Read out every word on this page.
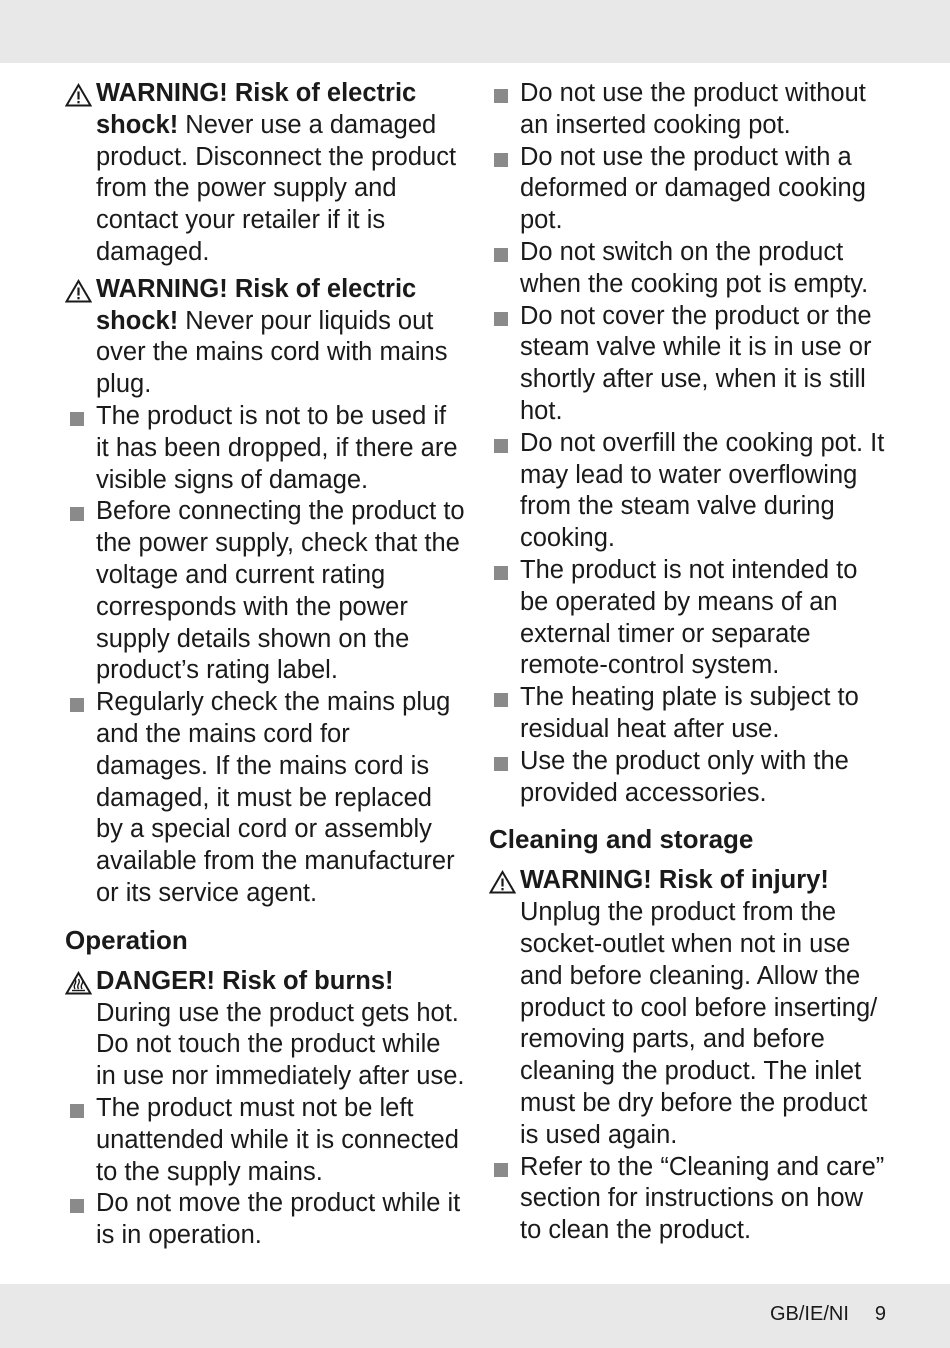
WARNING! Risk of electric shock! Never use a damaged product. Disconnect the product from the power supply and contact your retailer if it is damaged.
WARNING! Risk of electric shock! Never pour liquids out over the mains cord with mains plug.
The product is not to be used if it has been dropped, if there are visible signs of damage.
Before connecting the product to the power supply, check that the voltage and current rating corresponds with the power supply details shown on the product’s rating label.
Regularly check the mains plug and the mains cord for damages. If the mains cord is damaged, it must be replaced by a special cord or assembly available from the manufacturer or its service agent.
Operation
DANGER! Risk of burns!
During use the product gets hot. Do not touch the product while in use nor immediately after use.
The product must not be left unattended while it is connected to the supply mains.
Do not move the product while it is in operation.
Do not use the product without an inserted cooking pot.
Do not use the product with a deformed or damaged cooking pot.
Do not switch on the product when the cooking pot is empty.
Do not cover the product or the steam valve while it is in use or shortly after use, when it is still hot.
Do not overfill the cooking pot. It may lead to water overflowing from the steam valve during cooking.
The product is not intended to be operated by means of an external timer or separate remote-control system.
The heating plate is subject to residual heat after use.
Use the product only with the provided accessories.
Cleaning and storage
WARNING! Risk of injury!
Unplug the product from the socket-outlet when not in use and before cleaning. Allow the product to cool before inserting/ removing parts, and before cleaning the product. The inlet must be dry before the product is used again.
Refer to the “Cleaning and care” section for instructions on how to clean the product.
GB/IE/NI 9
